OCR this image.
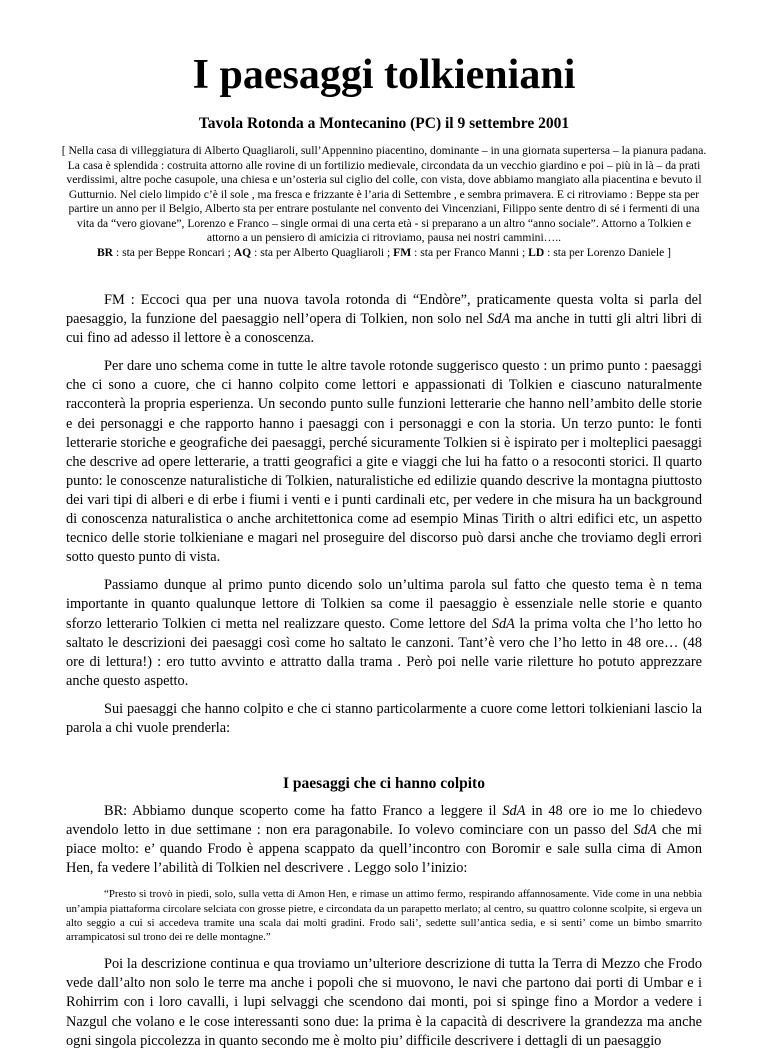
I paesaggi tolkieniani
Tavola Rotonda a Montecanino (PC) il 9 settembre 2001
[ Nella casa di villeggiatura di Alberto Quagliaroli, sull’Appennino piacentino, dominante – in una giornata supertersa – la pianura padana. La casa è splendida : costruita attorno alle rovine di un fortilizio medievale, circondata da un vecchio giardino e poi – più in là – da prati verdissimi, altre poche casupole, una chiesa e un’osteria sul ciglio del colle, con vista, dove abbiamo mangiato alla piacentina e bevuto il Gutturnio. Nel cielo limpido c’è il sole , ma fresca e frizzante è l’aria di Settembre , e sembra primavera. E ci ritroviamo : Beppe sta per partire un anno per il Belgio, Alberto sta per entrare postulante nel convento dei Vincenziani, Filippo sente dentro di sé i fermenti di una vita da “vero giovane”, Lorenzo e Franco – single ormai di una certa età - si preparano a un altro “anno sociale”. Attorno a Tolkien e attorno a un pensiero di amicizia ci ritroviamo, pausa nei nostri cammini…..
BR : sta per Beppe Roncari ; AQ : sta per Alberto Quagliaroli ; FM : sta per Franco Manni ; LD : sta per Lorenzo Daniele ]

FM : Eccoci qua per una nuova tavola rotonda di “Endòre”, praticamente questa volta si parla del paesaggio, la funzione del paesaggio nell’opera di Tolkien, non solo nel SdA ma anche in tutti gli altri libri di cui fino ad adesso il lettore è a conoscenza.

Per dare uno schema come in tutte le altre tavole rotonde suggerisco questo : un primo punto : paesaggi che ci sono a cuore, che ci hanno colpito come lettori e appassionati di Tolkien e ciascuno naturalmente racconterà la propria esperienza. Un secondo punto sulle funzioni letterarie che hanno nell’ambito delle storie e dei personaggi e che rapporto hanno i paesaggi con i personaggi e con la storia. Un terzo punto: le fonti letterarie storiche e geografiche dei paesaggi, perché sicuramente Tolkien si è ispirato per i molteplici paesaggi che descrive ad opere letterarie, a tratti geografici a gite e viaggi che lui ha fatto o a resoconti storici. Il quarto punto: le conoscenze naturalistiche di Tolkien, naturalistiche ed edilizie quando descrive la montagna piuttosto dei vari tipi di alberi e di erbe i fiumi i venti e i punti cardinali etc, per vedere in che misura ha un background di conoscenza naturalistica o anche architettonica come ad esempio Minas Tirith o altri edifici etc, un aspetto tecnico delle storie tolkieniane e magari nel proseguire del discorso può darsi anche che troviamo degli errori sotto questo punto di vista.

Passiamo dunque al primo punto dicendo solo un’ultima parola sul fatto che questo tema è n tema importante in quanto qualunque lettore di Tolkien sa come il paesaggio è essenziale nelle storie e quanto sforzo letterario Tolkien ci metta nel realizzare questo. Come lettore del SdA la prima volta che l’ho letto ho saltato le descrizioni dei paesaggi così come ho saltato le canzoni. Tant’è vero che l’ho letto in 48 ore… (48 ore di lettura!) : ero tutto avvinto e attratto dalla trama . Però poi nelle varie riletture ho potuto apprezzare anche questo aspetto.

Sui paesaggi che hanno colpito e che ci stanno particolarmente a cuore come lettori tolkieniani lascio la parola a chi vuole prenderla:

I paesaggi che ci hanno colpito

BR: Abbiamo dunque scoperto come ha fatto Franco a leggere il SdA in 48 ore io me lo chiedevo avendolo letto in due settimane : non era paragonabile. Io volevo cominciare con un passo del SdA che mi piace molto: e’ quando Frodo è appena scappato da quell’incontro con Boromir e sale sulla cima di Amon Hen, fa vedere l’abilità di Tolkien nel descrivere . Leggo solo l’inizio:

“Presto si trovò in piedi, solo, sulla vetta di Amon Hen, e rimase un attimo fermo, respirando affannosamente. Vide come in una nebbia un’ampia piattaforma circolare selciata con grosse pietre, e circondata da un parapetto merlato; al centro, su quattro colonne scolpite, si ergeva un alto seggio a cui si accedeva tramite una scala dai molti gradini. Frodo sali’, sedette sull’antica sedia, e si senti’ come un bimbo smarrito arrampicatosi sul trono dei re delle montagne.”

Poi la descrizione continua e qua troviamo un’ulteriore descrizione di tutta la Terra di Mezzo che Frodo vede dall’alto non solo le terre ma anche i popoli che si muovono, le navi che partono dai porti di Umbar e i Rohirrim con i loro cavalli, i lupi selvaggi che scendono dai monti, poi si spinge fino a Mordor a vedere i Nazgul che volano e le cose interessanti sono due: la prima è la capacità di descrivere la grandezza ma anche ogni singola piccolezza in quanto secondo me è molto piu’ difficile descrivere i dettagli di un paesaggio
